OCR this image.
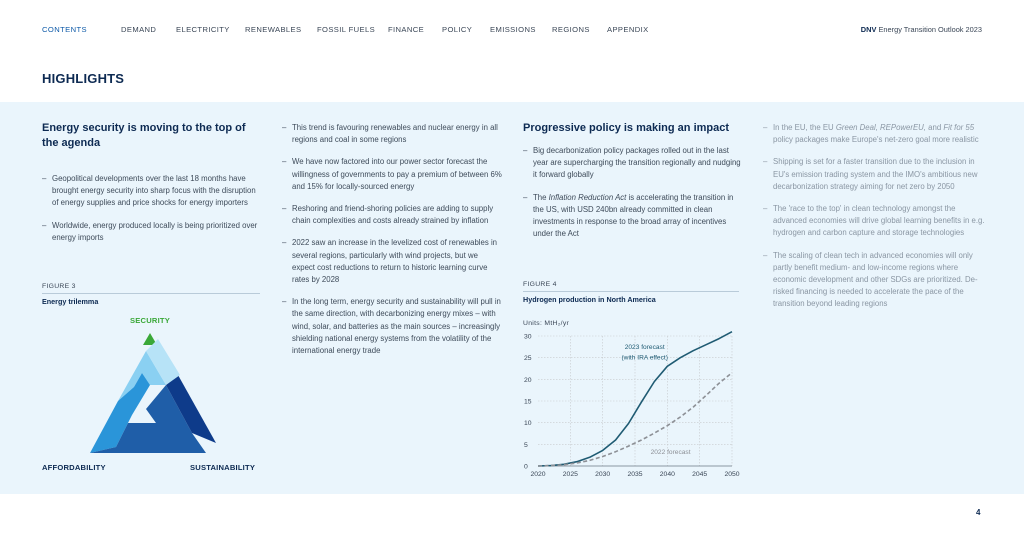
CONTENTS	DEMAND	ELECTRICITY RENEWABLES FOSSIL FUELS FINANCE POLICY EMISSIONS REGIONS APPENDIX	DNV Energy Transition Outlook 2023
HIGHLIGHTS
Energy security is moving to the top of the agenda
– Geopolitical developments over the last 18 months have brought energy security into sharp focus with the disruption of energy supplies and price shocks for energy importers
– Worldwide, energy produced locally is being prioritized over energy imports
FIGURE 3
Energy trilemma
SECURITY
AFFORDABILITY	SUSTAINABILITY
– This trend is favouring renewables and nuclear energy in all regions and coal in some regions
– We have now factored into our power sector forecast the willingness of governments to pay a premium of between 6% and 15% for locally-sourced energy
– Reshoring and friend-shoring policies are adding to supply chain complexities and costs already strained by inflation
– 2022 saw an increase in the levelized cost of renewables in several regions, particularly with wind projects, but we expect cost reductions to return to historic learning curve rates by 2028
– In the long term, energy security and sustainability will pull in the same direction, with decarbonizing energy mixes – with wind, solar, and batteries as the main sources – increasingly shielding national energy systems from the volatility of the international energy trade
Progressive policy is making an impact
– Big decarbonization policy packages rolled out in the last year are supercharging the transition regionally and nudging it forward globally
– The Inflation Reduction Act is accelerating the transition in the US, with USD 240bn already committed in clean investments in response to the broad array of incentives under the Act
FIGURE 4
Hydrogen production in North America
Units: MtH₂/yr
0
5
10
15
20
25
30
2020	2025	2030	2035	2040	2045	2050
2023 forecast
(with IRA effect)
2022 forecast
– In the EU, the EU Green Deal, REPowerEU, and Fit for 55 policy packages make Europe's net-zero goal more realistic
– Shipping is set for a faster transition due to the inclusion in EU's emission trading system and the IMO's ambitious new decarbonization strategy aiming for net zero by 2050
– The 'race to the top' in clean technology amongst the advanced economies will drive global learning benefits in e.g. hydrogen and carbon capture and storage technologies
– The scaling of clean tech in advanced economies will only partly benefit medium- and low-income regions where economic development and other SDGs are prioritized. De-risked financing is needed to accelerate the pace of the transition beyond leading regions
4
